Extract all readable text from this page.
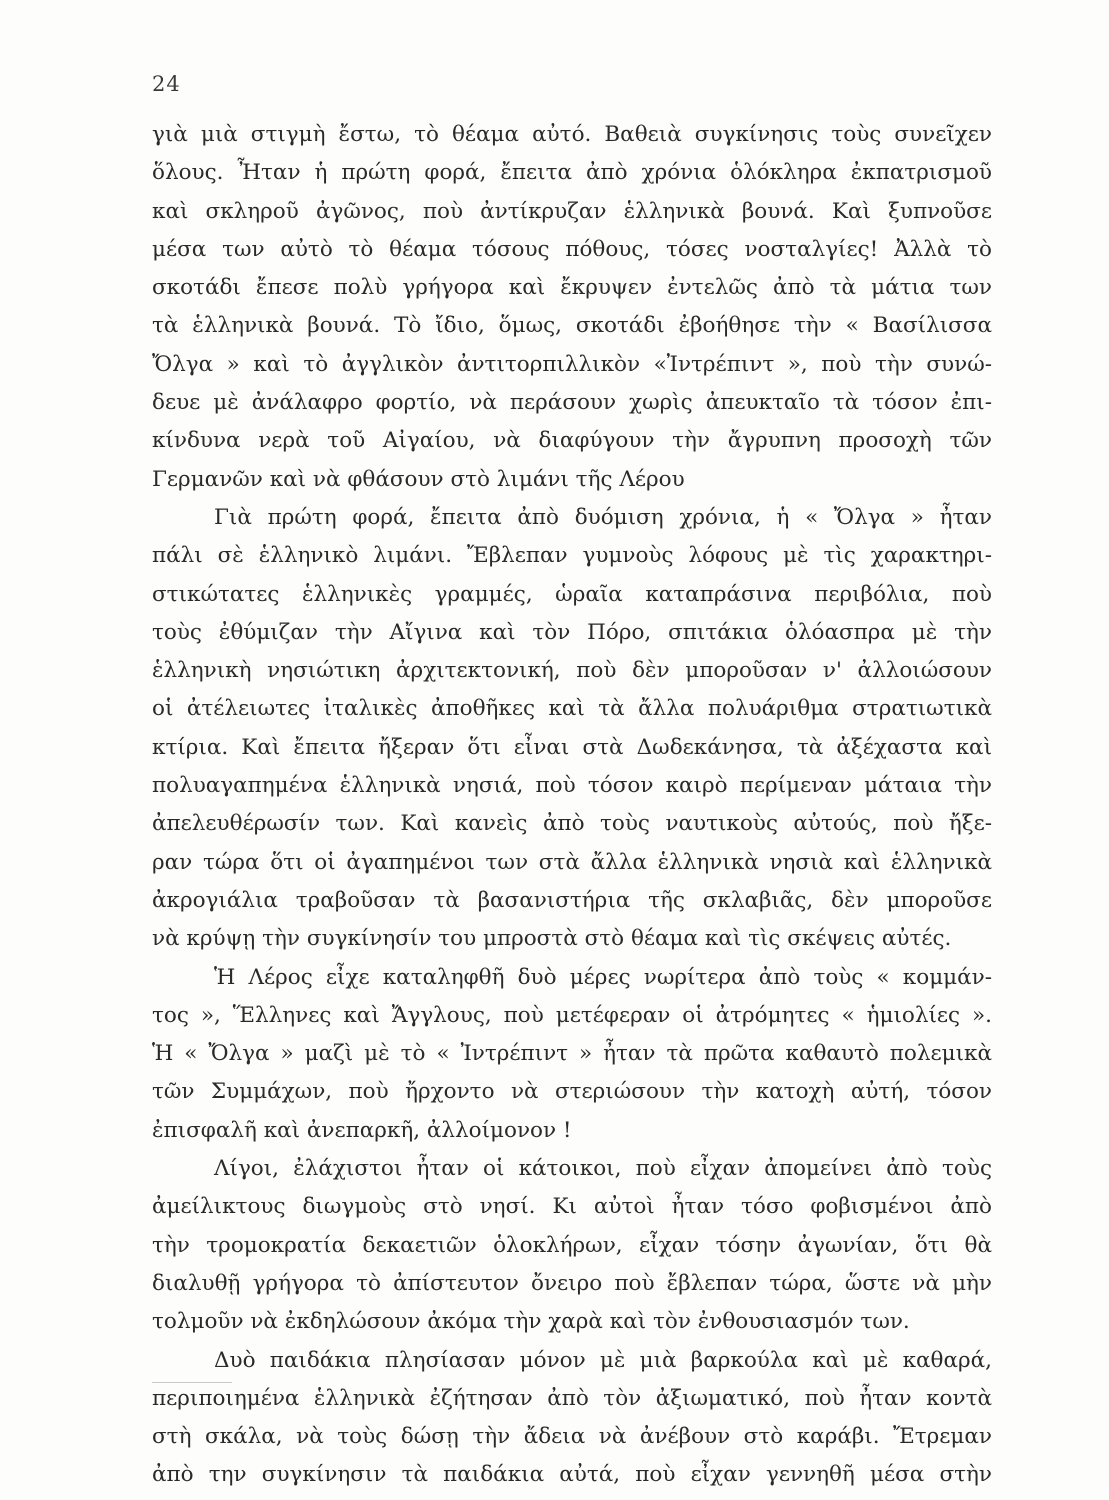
24
γιὰ μιὰ στιγμὴ ἔστω, τὸ θέαμα αὐτό. Βαθειὰ συγκίνησις τοὺς συνεῖχεν
ὅλους. Ἦταν ἡ πρώτη φορά, ἔπειτα ἀπὸ χρόνια ὁλόκληρα ἐκπατρισμοῦ
καὶ σκληροῦ ἀγῶνος, ποὺ ἀντίκρυζαν ἑλληνικὰ βουνά. Καὶ ξυπνοῦσε
μέσα των αὐτὸ τὸ θέαμα τόσους πόθους, τόσες νοσταλγίες! Ἀλλὰ τὸ
σκοτάδι ἔπεσε πολὺ γρήγορα καὶ ἔκρυψεν ἐντελῶς ἀπὸ τὰ μάτια των
τὰ ἑλληνικὰ βουνά. Τὸ ἴδιο, ὅμως, σκοτάδι ἐβοήθησε τὴν « Βασίλισσα
Ὄλγα » καὶ τὸ ἀγγλικὸν ἀντιτορπιλλικὸν «Ἰντρέπιντ », ποὺ τὴν συνώ-
δευε μὲ ἀνάλαφρο φορτίο, νὰ περάσουν χωρὶς ἀπευκταῖο τὰ τόσον ἐπι-
κίνδυνα νερὰ τοῦ Αἰγαίου, νὰ διαφύγουν τὴν ἄγρυπνη προσοχὴ τῶν
Γερμανῶν καὶ νὰ φθάσουν στὸ λιμάνι τῆς Λέρου
Γιὰ πρώτη φορά, ἔπειτα ἀπὸ δυόμιση χρόνια, ἡ « Ὄλγα » ἦταν
πάλι σὲ ἑλληνικὸ λιμάνι. Ἔβλεπαν γυμνοὺς λόφους μὲ τὶς χαρακτηρι-
στικώτατες ἑλληνικὲς γραμμές, ὡραῖα καταπράσινα περιβόλια, ποὺ
τοὺς ἐθύμιζαν τὴν Αἴγινα καὶ τὸν Πόρο, σπιτάκια ὁλόασπρα μὲ τὴν
ἑλληνικὴ νησιώτικη ἀρχιτεκτονική, ποὺ δὲν μποροῦσαν ν' ἀλλοιώσουν
οἱ ἀτέλειωτες ἰταλικὲς ἀποθῆκες καὶ τὰ ἄλλα πολυάριθμα στρατιωτικὰ
κτίρια. Καὶ ἔπειτα ἤξεραν ὅτι εἶναι στὰ Δωδεκάνησα, τὰ ἀξέχαστα καὶ
πολυαγαπημένα ἑλληνικὰ νησιά, ποὺ τόσον καιρὸ περίμεναν μάταια τὴν
ἀπελευθέρωσίν των. Καὶ κανεὶς ἀπὸ τοὺς ναυτικοὺς αὐτούς, ποὺ ἤξε-
ραν τώρα ὅτι οἱ ἀγαπημένοι των στὰ ἄλλα ἑλληνικὰ νησιὰ καὶ ἑλληνικὰ
ἀκρογιάλια τραβοῦσαν τὰ βασανιστήρια τῆς σκλαβιᾶς, δὲν μποροῦσε
νὰ κρύψῃ τὴν συγκίνησίν του μπροστὰ στὸ θέαμα καὶ τὶς σκέψεις αὐτές.
Ἡ Λέρος εἶχε καταληφθῆ δυὸ μέρες νωρίτερα ἀπὸ τοὺς « κομμάν-
τος », Ἕλληνες καὶ Ἄγγλους, ποὺ μετέφεραν οἱ ἀτρόμητες « ἡμιολίες ».
Ἡ « Ὄλγα » μαζὶ μὲ τὸ « Ἰντρέπιντ » ἦταν τὰ πρῶτα καθαυτὸ πολεμικὰ
τῶν Συμμάχων, ποὺ ἤρχοντο νὰ στεριώσουν τὴν κατοχὴ αὐτή, τόσον
ἐπισφαλῆ καὶ ἀνεπαρκῆ, ἀλλοίμονον !
Λίγοι, ἐλάχιστοι ἦταν οἱ κάτοικοι, ποὺ εἶχαν ἀπομείνει ἀπὸ τοὺς
ἀμείλικτους διωγμοὺς στὸ νησί. Κι αὐτοὶ ἦταν τόσο φοβισμένοι ἀπὸ
τὴν τρομοκρατία δεκαετιῶν ὁλοκλήρων, εἶχαν τόσην ἀγωνίαν, ὅτι θὰ
διαλυθῇ γρήγορα τὸ ἀπίστευτον ὄνειρο ποὺ ἔβλεπαν τώρα, ὥστε νὰ μὴν
τολμοῦν νὰ ἐκδηλώσουν ἀκόμα τὴν χαρὰ καὶ τὸν ἐνθουσιασμόν των.
Δυὸ παιδάκια πλησίασαν μόνον μὲ μιὰ βαρκούλα καὶ μὲ καθαρά,
περιποιημένα ἑλληνικὰ ἐζήτησαν ἀπὸ τὸν ἀξιωματικό, ποὺ ἦταν κοντὰ
στὴ σκάλα, νὰ τοὺς δώσῃ τὴν ἄδεια νὰ ἀνέβουν στὸ καράβι. Ἔτρεμαν
ἀπὸ την συγκίνησιν τὰ παιδάκια αὐτά, ποὺ εἶχαν γεννηθῆ μέσα στὴν
